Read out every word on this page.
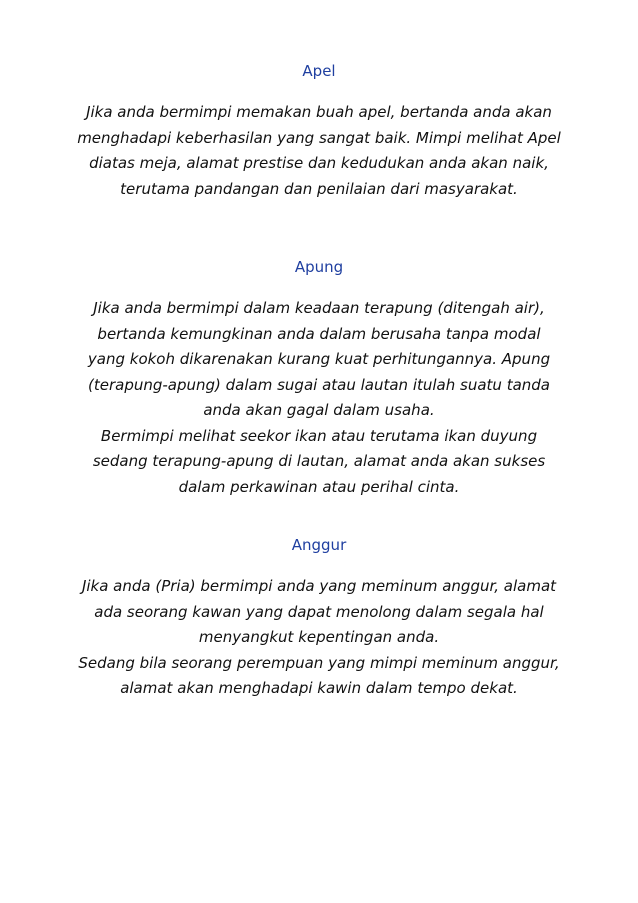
Apel

Jika anda bermimpi memakan buah apel, bertanda anda akan
menghadapi keberhasilan yang sangat baik. Mimpi melihat Apel
diatas meja, alamat prestise dan kedudukan anda akan naik,
terutama pandangan dan penilaian dari masyarakat.

Apung

Jika anda bermimpi dalam keadaan terapung (ditengah air),
bertanda kemungkinan anda dalam berusaha tanpa modal
yang kokoh dikarenakan kurang kuat perhitungannya. Apung
(terapung-apung) dalam sugai atau lautan itulah suatu tanda
anda akan gagal dalam usaha.
Bermimpi melihat seekor ikan atau terutama ikan duyung
sedang terapung-apung di lautan, alamat anda akan sukses
dalam perkawinan atau perihal cinta.

Anggur

Jika anda (Pria) bermimpi anda yang meminum anggur, alamat
ada seorang kawan yang dapat menolong dalam segala hal
menyangkut kepentingan anda.
Sedang bila seorang perempuan yang mimpi meminum anggur,
alamat akan menghadapi kawin dalam tempo dekat.
